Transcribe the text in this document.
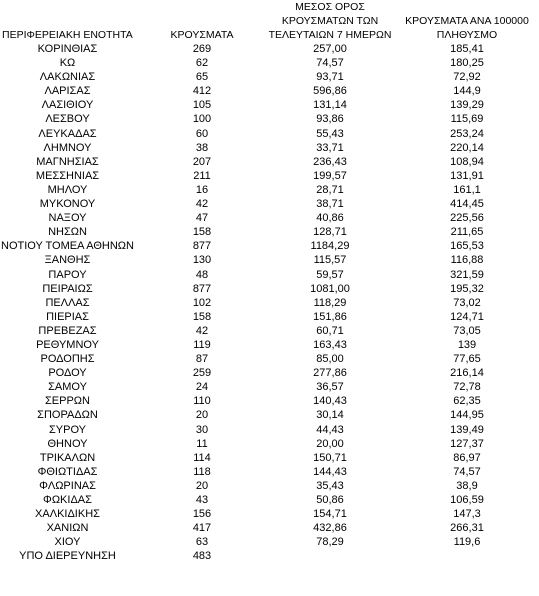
ΠΕΡΙΦΕΡΕΙΑΚΗ ΕΝΟΤΗΤΑ	ΚΡΟΥΣΜΑΤΑ
ΜΕΣΟΣ ΟΡΟΣ
ΚΡΟΥΣΜΑΤΩΝ ΤΩΝ
ΤΕΛΕΥΤΑΙΩΝ 7 ΗΜΕΡΩΝ
ΚΡΟΥΣΜΑΤΑ ΑΝΑ 100000
ΠΛΗΘΥΣΜΟ
ΚΟΡΙΝΘΙΑΣ	269	257,00	185,41
ΚΩ	62	74,57	180,25
ΛΑΚΩΝΙΑΣ	65	93,71	72,92
ΛΑΡΙΣΑΣ	412	596,86	144,9
ΛΑΣΙΘΙΟΥ	105	131,14	139,29
ΛΕΣΒΟΥ	100	93,86	115,69
ΛΕΥΚΑΔΑΣ	60	55,43	253,24
ΛΗΜΝΟΥ	38	33,71	220,14
ΜΑΓΝΗΣΙΑΣ	207	236,43	108,94
ΜΕΣΣΗΝΙΑΣ	211	199,57	131,91
ΜΗΛΟΥ	16	28,71	161,1
ΜΥΚΟΝΟΥ	42	38,71	414,45
ΝΑΞΟΥ	47	40,86	225,56
ΝΗΣΩΝ	158	128,71	211,65
ΝΟΤΙΟΥ ΤΟΜΕΑ ΑΘΗΝΩΝ	877	1184,29	165,53
ΞΑΝΘΗΣ	130	115,57	116,88
ΠΑΡΟΥ	48	59,57	321,59
ΠΕΙΡΑΙΩΣ	877	1081,00	195,32
ΠΕΛΛΑΣ	102	118,29	73,02
ΠΙΕΡΙΑΣ	158	151,86	124,71
ΠΡΕΒΕΖΑΣ	42	60,71	73,05
ΡΕΘΥΜΝΟΥ	119	163,43	139
ΡΟΔΟΠΗΣ	87	85,00	77,65
ΡΟΔΟΥ	259	277,86	216,14
ΣΑΜΟΥ	24	36,57	72,78
ΣΕΡΡΩΝ	110	140,43	62,35
ΣΠΟΡΑΔΩΝ	20	30,14	144,95
ΣΥΡΟΥ	30	44,43	139,49
ΘΗΝΟΥ	11	20,00	127,37
ΤΡΙΚΑΛΩΝ	114	150,71	86,97
ΦΘΙΩΤΙΔΑΣ	118	144,43	74,57
ΦΛΩΡΙΝΑΣ	20	35,43	38,9
ΦΩΚΙΔΑΣ	43	50,86	106,59
ΧΑΛΚΙΔΙΚΗΣ	156	154,71	147,3
ΧΑΝΙΩΝ	417	432,86	266,31
ΧΙΟΥ	63	78,29	119,6
ΥΠΟ ΔΙΕΡΕΥΝΗΣΗ	483
